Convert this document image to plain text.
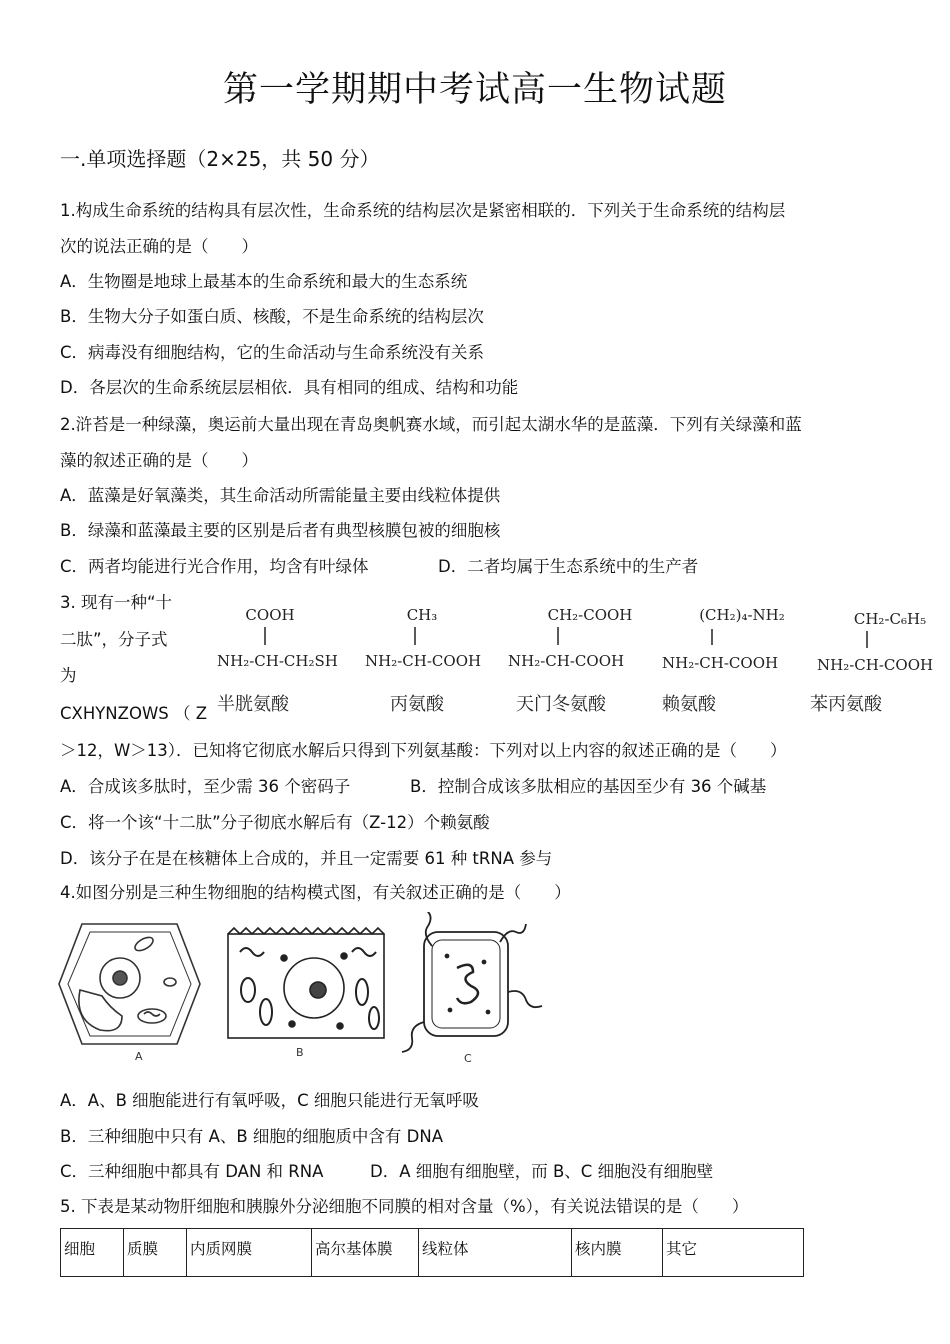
第一学期期中考试高一生物试题
一.单项选择题（2×25，共 50 分）
1.构成生命系统的结构具有层次性，生命系统的结构层次是紧密相联的．下列关于生命系统的结构层
次的说法正确的是（　　）
A．生物圈是地球上最基本的生命系统和最大的生态系统
B．生物大分子如蛋白质、核酸，不是生命系统的结构层次
C．病毒没有细胞结构，它的生命活动与生命系统没有关系
D．各层次的生命系统层层相依．具有相同的组成、结构和功能
2.浒苔是一种绿藻，奥运前大量出现在青岛奥帆赛水域，而引起太湖水华的是蓝藻．下列有关绿藻和蓝
藻的叙述正确的是（　　）
A．蓝藻是好氧藻类，其生命活动所需能量主要由线粒体提供
B．绿藻和蓝藻最主要的区别是后者有典型核膜包被的细胞核
C．两者均能进行光合作用，均含有叶绿体	D．二者均属于生态系统中的生产者
3. 现有一种“十
二肽”，分子式
为
CXHYNZOWS （ Z
COOH
NH₂-CH-CH₂SH
半胱氨酸
CH₃
NH₂-CH-COOH
丙氨酸
CH₂-COOH
NH₂-CH-COOH
天门冬氨酸
(CH₂)₄-NH₂
NH₂-CH-COOH
赖氨酸
CH₂-C₆H₅
NH₂-CH-COOH
苯丙氨酸
＞12，W＞13）．已知将它彻底水解后只得到下列氨基酸：下列对以上内容的叙述正确的是（　　）
A．合成该多肽时，至少需 36 个密码子	B．控制合成该多肽相应的基因至少有 36 个碱基
C．将一个该“十二肽”分子彻底水解后有（Z-12）个赖氨酸
D．该分子在是在核糖体上合成的，并且一定需要 61 种 tRNA 参与
4.如图分别是三种生物细胞的结构模式图，有关叙述正确的是（　　）
A	B	C
A．A、B 细胞能进行有氧呼吸，C 细胞只能进行无氧呼吸
B．三种细胞中只有 A、B 细胞的细胞质中含有 DNA
C．三种细胞中都具有 DAN 和 RNA	D．A 细胞有细胞壁，而 B、C 细胞没有细胞壁
5. 下表是某动物肝细胞和胰腺外分泌细胞不同膜的相对含量（%），有关说法错误的是（　　）
细胞	质膜	内质网膜	高尔基体膜	线粒体	核内膜	其它
